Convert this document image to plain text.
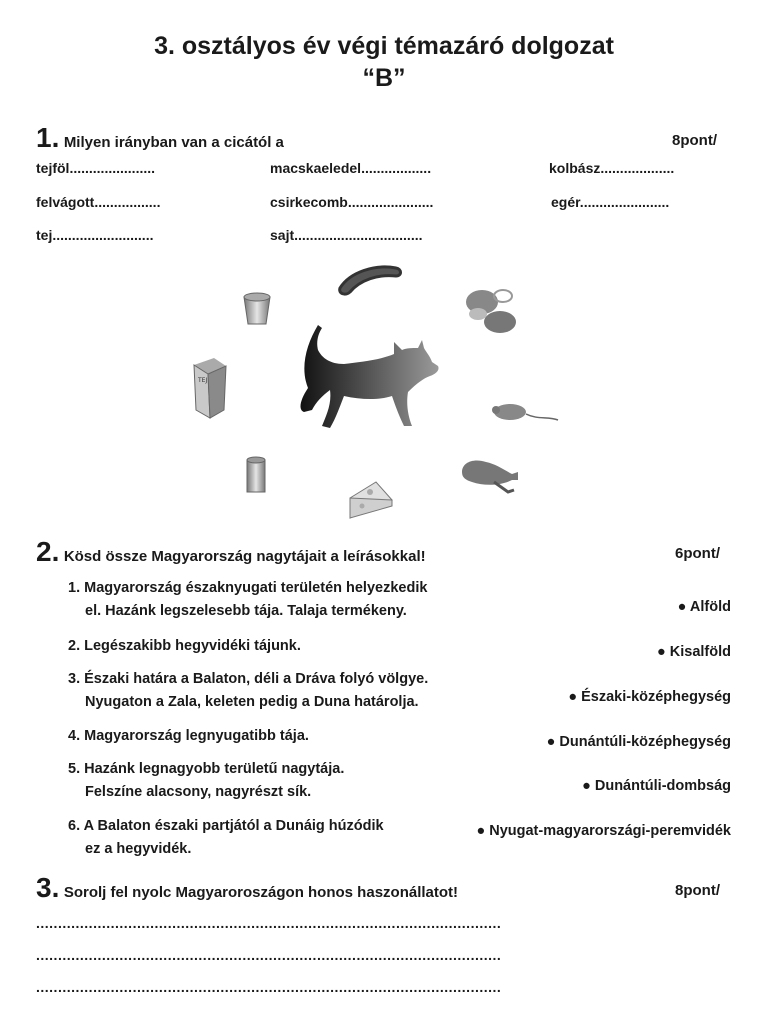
3. osztályos év végi témazáró dolgozat
“B”
1. Milyen irányban van a cicától a	8pont/
tejföl......................	macskaeledel..................	kolbász...................
felvágott.................	csirkecomb......................	egér.......................
tej..........................	sajt.................................
TEJ
2. Kösd össze Magyarország nagytájait a leírásokkal!	6pont/
1. Magyarország északnyugati területén helyezkedik
el. Hazánk legszelesebb tája. Talaja termékeny.
2. Legészakibb hegyvidéki tájunk.
3. Északi határa a Balaton, déli a Dráva folyó völgye.
Nyugaton a Zala, keleten pedig a Duna határolja.
4. Magyarország legnyugatibb tája.
5. Hazánk legnagyobb területű nagytája.
Felszíne alacsony, nagyrészt sík.
6. A Balaton északi partjától a Dunáig húzódik
ez a hegyvidék.
● Alföld
● Kisalföld
● Északi-középhegység
● Dunántúli-középhegység
● Dunántúli-dombság
● Nyugat-magyarországi-peremvidék
3. Sorolj fel nyolc Magyaroroszágon honos haszonállatot!	8pont/
..........................................................................................................
..........................................................................................................
..........................................................................................................
